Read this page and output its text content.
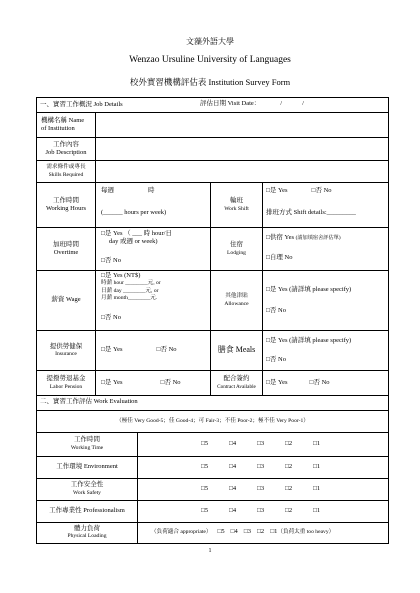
文藻外語大學
Wenzao Ursuline University of Languages
校外實習機構評估表 Institution Survey Form
一、實習工作概況 Job Details 評估日期 Visit Date： / /			

機構名稱 Name
of Institution			

工作內容
Job Description			

需求條件或專長
Skills Required			

工作時間
Working Hours	每週 時
(______ hours per week)	輪班
Work Shift	□是 Yes □否 No
排班方式 Shift details:_________

加班時間
Overtime	□是 Yes （ ___ 時 hour/日
day 或週 or week)
□否 No	住宿
Lodging	□供宿 Yes (請加填宿舍評估單)
□自理 No

薪資 Wage	□是 Yes (NT$)
時薪 hour ________元, or
日薪 day ________元, or
月薪 month________元.
□否 No	其他津貼
Allowance	□是 Yes (請詳填 please specify)
□否 No

提供勞健保
Insurance	□是 Yes □否 No	膳食 Meals	□是 Yes (請詳填 please specify)
□否 No

提撥勞退基金
Labor Pension	□是 Yes □否 No	配合簽約
Contract Available	□是 Yes □否 No
二、實習工作評估 Work Evaluation	
（極佳 Very Good-5；佳 Good-4；可 Fair-3；不佳 Poor-2；極不佳 Very Poor-1）	

工作時間
Working Time	□5 □4 □3 □2 □1

工作環境 Environment	□5 □4 □3 □2 □1

工作安全性
Work Safety	□5 □4 □3 □2 □1

工作專業性 Professionalism	□5 □4 □3 □2 □1

體力負荷
Physical Loading	（負荷適合 appropriate） □5 □4 □3 □2 □1（負荷太重 too heavy）
1
